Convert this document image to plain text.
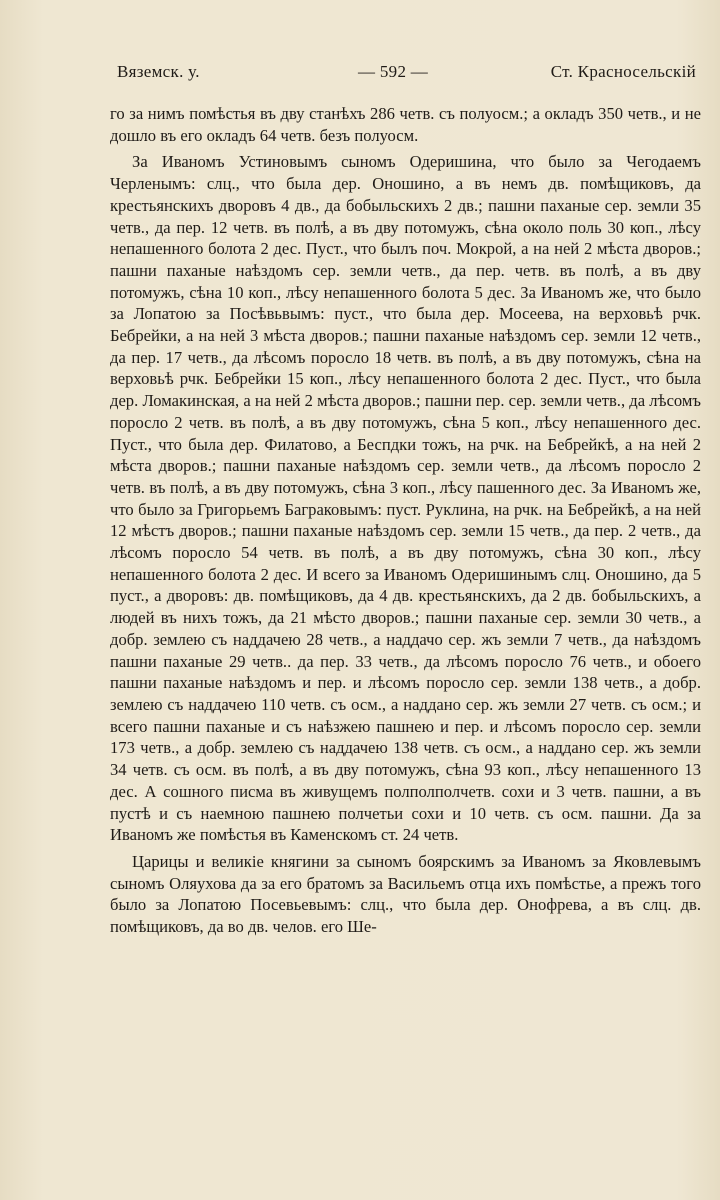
Вяземск. у.	— 592 —	Ст. Красносельскій

го за нимъ помѣстья въ дву станѣхъ 286 четв. съ полуосм.; а окладъ 350 четв., и не дошло въ его окладъ 64 четв. безъ полуосм.

За Иваномъ Устиновымъ сыномъ Одеришина, что было за Чегодаемъ Черленымъ: слц., что была дер. Оношино, а въ немъ дв. помѣщиковъ, да крестьянскихъ дворовъ 4 дв., да бобыльскихъ 2 дв.; пашни паханые сер. земли 35 четв., да пер. 12 четв. въ полѣ, а въ дву потомужъ, сѣна около поль 30 коп., лѣсу непашенного болота 2 дес. Пуст., что былъ поч. Мокрой, а на ней 2 мѣста дворов.; пашни паханые наѣздомъ сер. земли четв., да пер. четв. въ полѣ, а въ дву потомужъ, сѣна 10 коп., лѣсу непашенного болота 5 дес. За Иваномъ же, что было за Лопатою за Посѣвьвымъ: пуст., что была дер. Мосеева, на верховьѣ рчк. Бебрейки, а на ней 3 мѣста дворов.; пашни паханые наѣздомъ сер. земли 12 четв., да пер. 17 четв., да лѣсомъ поросло 18 четв. въ полѣ, а въ дву потомужъ, сѣна на верховьѣ рчк. Бебрейки 15 коп., лѣсу непашенного болота 2 дес. Пуст., что была дер. Ломакинская, а на ней 2 мѣста дворов.; пашни пер. сер. земли четв., да лѣсомъ поросло 2 четв. въ полѣ, а въ дву потомужъ, сѣна 5 коп., лѣсу непашенного дес. Пуст., что была дер. Филатово, а Беспдки тожъ, на рчк. на Бебрейкѣ, а на ней 2 мѣста дворов.; пашни паханые наѣздомъ сер. земли четв., да лѣсомъ поросло 2 четв. въ полѣ, а въ дву потомужъ, сѣна 3 коп., лѣсу пашенного дес. За Иваномъ же, что было за Григорьемъ Баграковымъ: пуст. Руклина, на рчк. на Бебрейкѣ, а на ней 12 мѣстъ дворов.; пашни паханые наѣздомъ сер. земли 15 четв., да пер. 2 четв., да лѣсомъ поросло 54 четв. въ полѣ, а въ дву потомужъ, сѣна 30 коп., лѣсу непашенного болота 2 дес. И всего за Иваномъ Одеришинымъ слц. Оношино, да 5 пуст., а дворовъ: дв. помѣщиковъ, да 4 дв. крестьянскихъ, да 2 дв. бобыльскихъ, а людей въ нихъ тожъ, да 21 мѣсто дворов.; пашни паханые сер. земли 30 четв., а добр. землею съ наддачею 28 четв., а наддачо сер. жъ земли 7 четв., да наѣздомъ пашни паханые 29 четв.. да пер. 33 четв., да лѣсомъ поросло 76 четв., и обоего пашни паханые наѣздомъ и пер. и лѣсомъ поросло сер. земли 138 четв., а добр. землею съ наддачею 110 четв. съ осм., а наддано сер. жъ земли 27 четв. съ осм.; и всего пашни паханые и съ наѣзжею пашнею и пер. и лѣсомъ поросло сер. земли 173 четв., а добр. землею съ наддачею 138 четв. съ осм., а наддано сер. жъ земли 34 четв. съ осм. въ полѣ, а въ дву потомужъ, сѣна 93 коп., лѣсу непашенного 13 дес. А сошного писма въ живущемъ полполполчетв. сохи и 3 четв. пашни, а въ пустѣ и съ наемною пашнею полчетьи сохи и 10 четв. съ осм. пашни. Да за Иваномъ же помѣстья въ Каменскомъ ст. 24 четв.

Царицы и великіе княгини за сыномъ боярскимъ за Иваномъ за Яковлевымъ сыномъ Оляухова да за его братомъ за Васильемъ отца ихъ помѣстье, а прежъ того было за Лопатою Посевьевымъ: слц., что была дер. Онофрева, а въ слц. дв. помѣщиковъ, да во дв. челов. его Ше-
